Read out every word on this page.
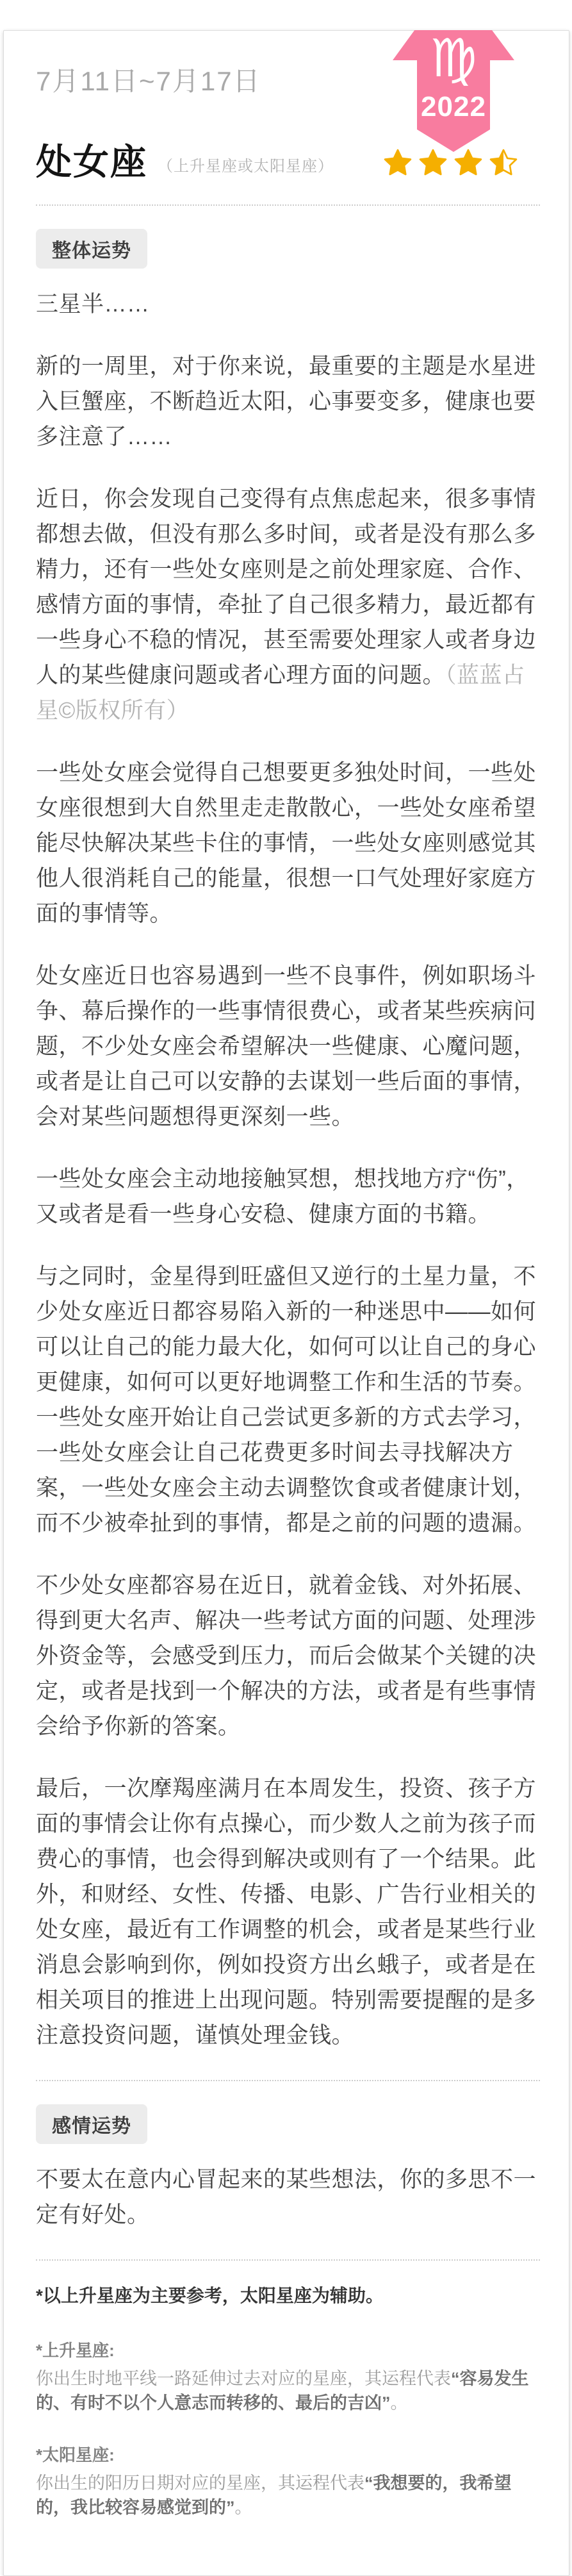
7月11日~7月17日
处女座 （上升星座或太阳星座）
整体运势

三星半……

新的一周里，对于你来说，最重要的主题是水星进入巨蟹座，不断趋近太阳，心事要变多，健康也要多注意了……

近日，你会发现自己变得有点焦虑起来，很多事情都想去做，但没有那么多时间，或者是没有那么多精力，还有一些处女座则是之前处理家庭、合作、感情方面的事情，牵扯了自己很多精力，最近都有一些身心不稳的情况，甚至需要处理家人或者身边人的某些健康问题或者心理方面的问题。（蓝蓝占星©版权所有）

一些处女座会觉得自己想要更多独处时间，一些处女座很想到大自然里走走散散心，一些处女座希望能尽快解决某些卡住的事情，一些处女座则感觉其他人很消耗自己的能量，很想一口气处理好家庭方面的事情等。

处女座近日也容易遇到一些不良事件，例如职场斗争、幕后操作的一些事情很费心，或者某些疾病问题，不少处女座会希望解决一些健康、心魔问题，或者是让自己可以安静的去谋划一些后面的事情，会对某些问题想得更深刻一些。

一些处女座会主动地接触冥想，想找地方疗“伤”，又或者是看一些身心安稳、健康方面的书籍。

与之同时，金星得到旺盛但又逆行的土星力量，不少处女座近日都容易陷入新的一种迷思中——如何可以让自己的能力最大化，如何可以让自己的身心更健康，如何可以更好地调整工作和生活的节奏。一些处女座开始让自己尝试更多新的方式去学习，一些处女座会让自己花费更多时间去寻找解决方案，一些处女座会主动去调整饮食或者健康计划，而不少被牵扯到的事情，都是之前的问题的遗漏。

不少处女座都容易在近日，就着金钱、对外拓展、得到更大名声、解决一些考试方面的问题、处理涉外资金等，会感受到压力，而后会做某个关键的决定，或者是找到一个解决的方法，或者是有些事情会给予你新的答案。

最后，一次摩羯座满月在本周发生，投资、孩子方面的事情会让你有点操心，而少数人之前为孩子而费心的事情，也会得到解决或则有了一个结果。此外，和财经、女性、传播、电影、广告行业相关的处女座，最近有工作调整的机会，或者是某些行业消息会影响到你，例如投资方出幺蛾子，或者是在相关项目的推进上出现问题。特别需要提醒的是多注意投资问题，谨慎处理金钱。

感情运势

不要太在意内心冒起来的某些想法，你的多思不一定有好处。

*以上升星座为主要参考，太阳星座为辅助。

*上升星座:

你出生时地平线一路延伸过去对应的星座，其运程代表“容易发生的、有时不以个人意志而转移的、最后的吉凶”。

*太阳星座:

你出生的阳历日期对应的星座，其运程代表“我想要的，我希望的，我比较容易感觉到的”。

♍
2022
